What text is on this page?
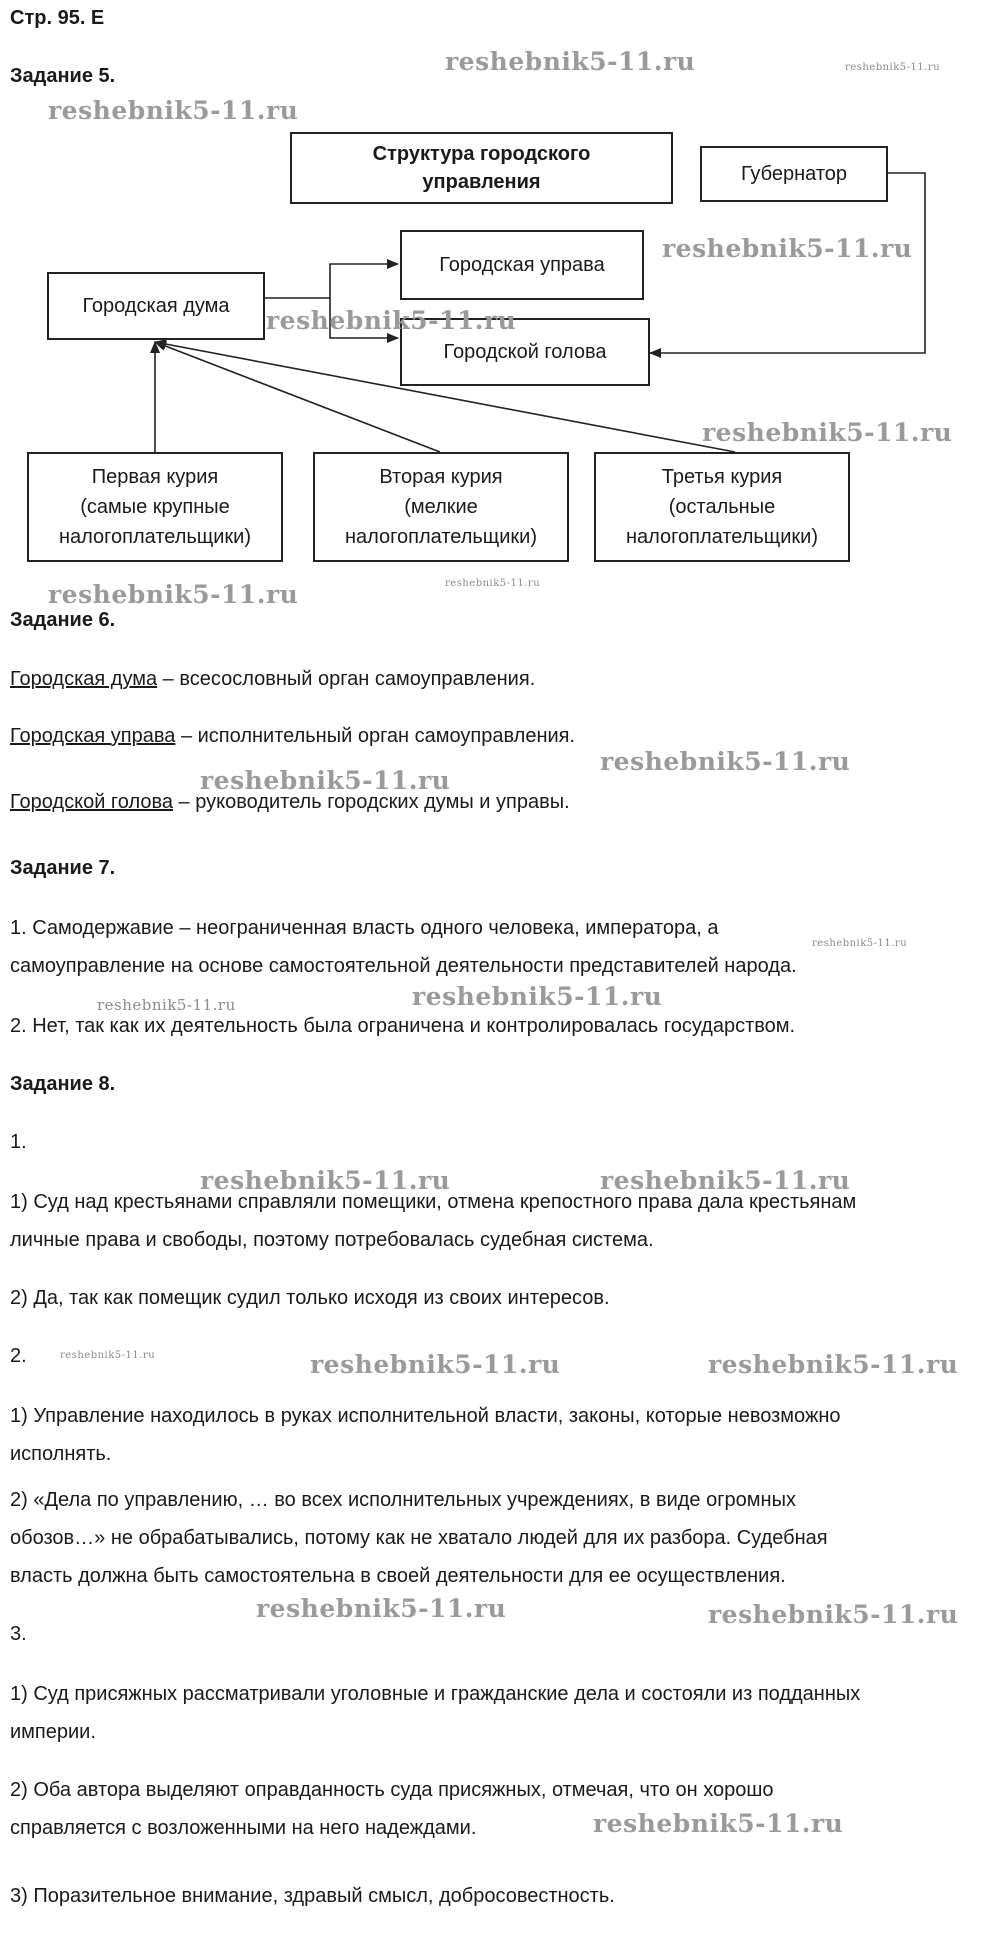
Стр. 95. Е
Задание 5.
Структура городского управления	Губернатор
Городская управа
Городская дума
Городской голова
Первая курия
(самые крупные
налогоплательщики)
Вторая курия
(мелкие
налогоплательщики)
Третья курия
(остальные
налогоплательщики)
Задание 6.
Городская дума – всесословный орган самоуправления.
Городская управа – исполнительный орган самоуправления.
Городской голова – руководитель городских думы и управы.
Задание 7.
1. Самодержавие – неограниченная власть одного человека, императора, а
самоуправление на основе самостоятельной деятельности представителей народа.
2. Нет, так как их деятельность была ограничена и контролировалась государством.
Задание 8.
1.
1) Суд над крестьянами справляли помещики, отмена крепостного права дала крестьянам
личные права и свободы, поэтому потребовалась судебная система.
2) Да, так как помещик судил только исходя из своих интересов.
2.
1) Управление находилось в руках исполнительной власти, законы, которые невозможно
исполнять.
2) «Дела по управлению, … во всех исполнительных учреждениях, в виде огромных
обозов…» не обрабатывались, потому как не хватало людей для их разбора. Судебная
власть должна быть самостоятельна в своей деятельности для ее осуществления.
3.
1) Суд присяжных рассматривали уголовные и гражданские дела и состояли из подданных
империи.
2) Оба автора выделяют оправданность суда присяжных, отмечая, что он хорошо
справляется с возложенными на него надеждами.
3) Поразительное внимание, здравый смысл, добросовестность.
reshebnik5-11.ru	reshebnik5-11.ru
reshebnik5-11.ru
reshebnik5-11.ru
reshebnik5-11.ru
reshebnik5-11.ru
reshebnik5-11.ru	reshebnik5-11.ru
reshebnik5-11.ru
reshebnik5-11.ru
reshebnik5-11.ru
reshebnik5-11.ru
reshebnik5-11.ru
reshebnik5-11.ru	reshebnik5-11.ru
reshebnik5-11.ru	reshebnik5-11.ru	reshebnik5-11.ru
reshebnik5-11.ru	reshebnik5-11.ru
reshebnik5-11.ru
